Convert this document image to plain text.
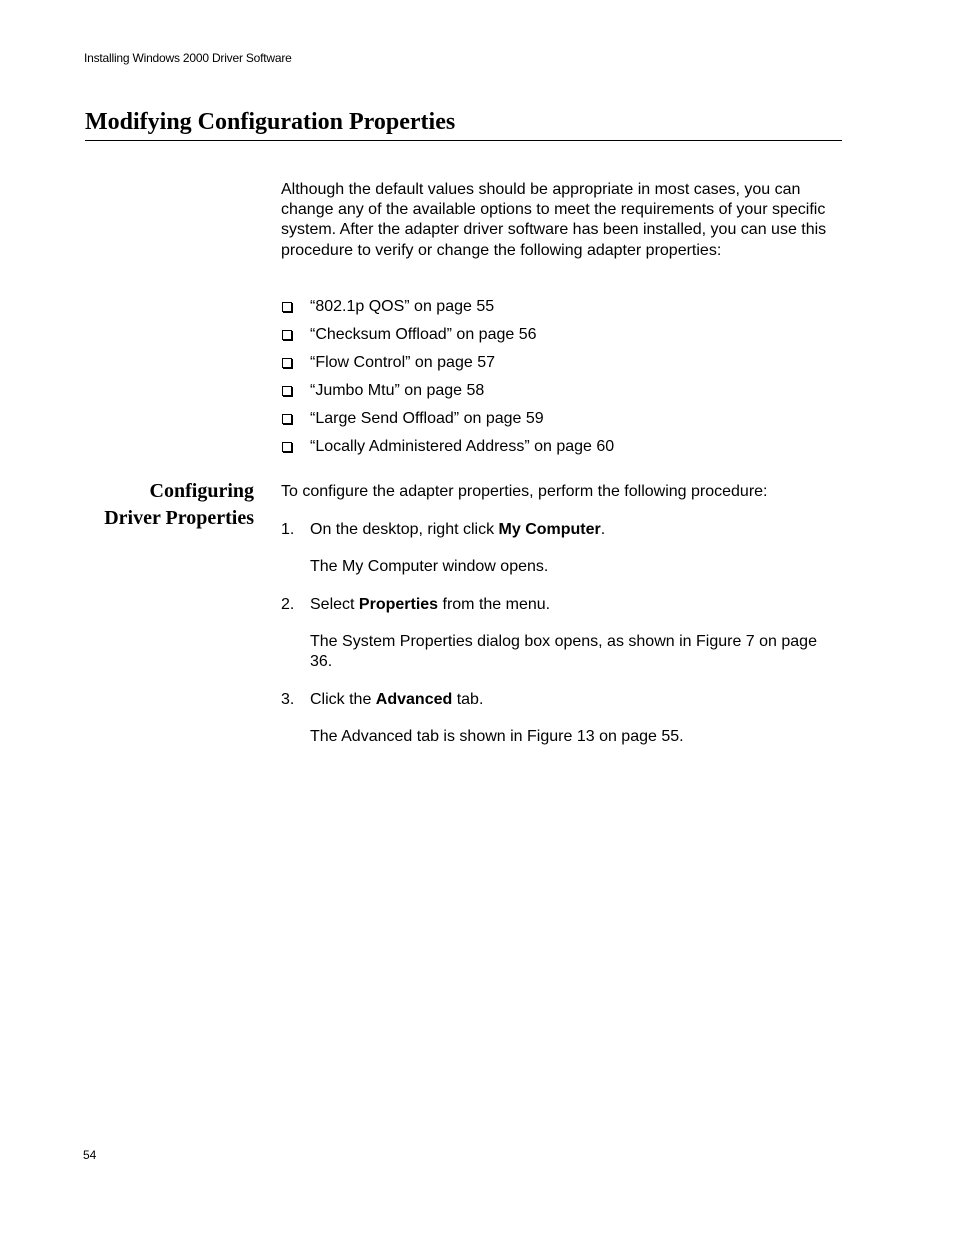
Installing Windows 2000 Driver Software
Modifying Configuration Properties

Although the default values should be appropriate in most cases, you can change any of the available options to meet the requirements of your specific system. After the adapter driver software has been installed, you can use this procedure to verify or change the following adapter properties:

“802.1p QOS” on page 55
“Checksum Offload” on page 56
“Flow Control” on page 57
“Jumbo Mtu” on page 58
“Large Send Offload” on page 59
“Locally Administered Address” on page 60
Configuring
Driver Properties

To configure the adapter properties, perform the following procedure:

1. On the desktop, right click My Computer.

The My Computer window opens.

2. Select Properties from the menu.

The System Properties dialog box opens, as shown in Figure 7 on page 36.

3. Click the Advanced tab.

The Advanced tab is shown in Figure 13 on page 55.

54
